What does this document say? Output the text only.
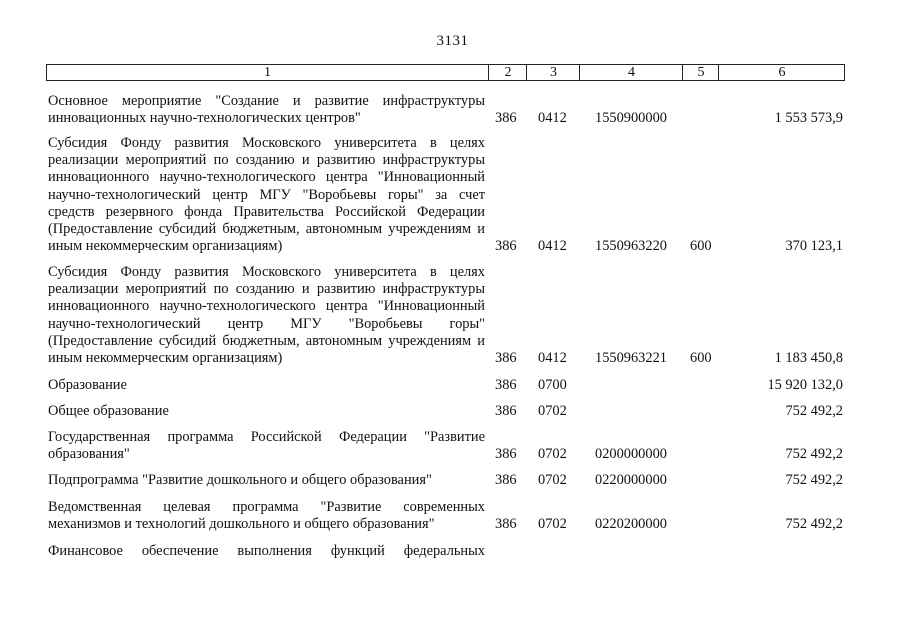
3131
1	2	3	4	5	6
Основное мероприятие "Создание и развитие инфраструктуры инновационных научно-технологических центров"	386 0412 1550900000	1 553 573,9
Субсидия Фонду развития Московского университета в целях реализации мероприятий по созданию и развитию инфраструктуры инновационного научно-технологического центра "Инновационный научно-технологический центр МГУ "Воробьевы горы" за счет средств резервного фонда Правительства Российской Федерации (Предоставление субсидий бюджетным, автономным учреждениям и иным некоммерческим организациям)	386 0412 1550963220 600	370 123,1
Субсидия Фонду развития Московского университета в целях реализации мероприятий по созданию и развитию инфраструктуры инновационного научно-технологического центра "Инновационный научно-технологический центр МГУ "Воробьевы горы" (Предоставление субсидий бюджетным, автономным учреждениям и иным некоммерческим организациям)	386 0412 1550963221 600	1 183 450,8
Образование	386 0700	15 920 132,0
Общее образование	386 0702	752 492,2
Государственная программа Российской Федерации "Развитие образования"	386 0702 0200000000	752 492,2
Подпрограмма "Развитие дошкольного и общего образования"	386 0702 0220000000	752 492,2
Ведомственная целевая программа "Развитие современных механизмов и технологий дошкольного и общего образования"	386 0702 0220200000	752 492,2
Финансовое обеспечение выполнения функций федеральных
